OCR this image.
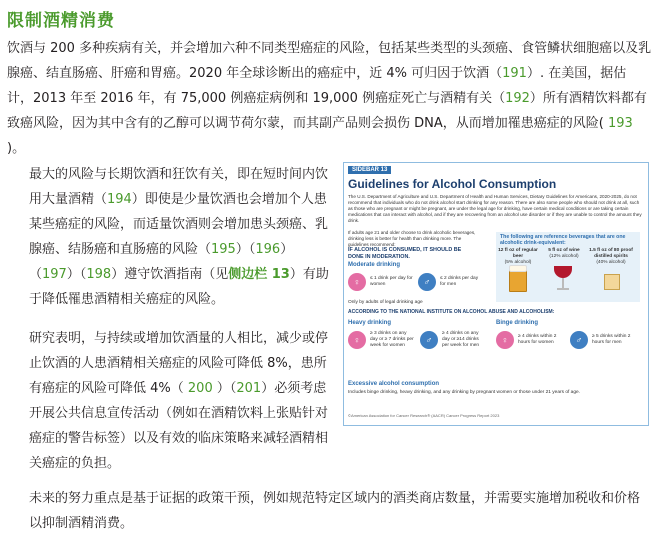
限制酒精消费

饮酒与 200 多种疾病有关，并会增加六种不同类型癌症的风险，包括某些类型的头颈癌、食管鳞状细胞癌以及乳腺癌、结直肠癌、肝癌和胃癌。2020 年全球诊断出的癌症中，近 4% 可归因于饮酒（191）. 在美国，据估计，2013 年至 2016 年，有 75,000 例癌症病例和 19,000 例癌症死亡与酒精有关（192）所有酒精饮料都有致癌风险，因为其中含有的乙醇可以调节荷尔蒙，而其副产品则会损伤 DNA，从而增加罹患癌症的风险( 193 )。

最大的风险与长期饮酒和狂饮有关，即在短时间内饮用大量酒精（194）即使是少量饮酒也会增加个人患某些癌症的风险，而适量饮酒则会增加患头颈癌、乳腺癌、结肠癌和直肠癌的风险（195）（196）（197）（198）遵守饮酒指南（见侧边栏 13）有助于降低罹患酒精相关癌症的风险。

研究表明，与持续或增加饮酒量的人相比，减少或停止饮酒的人患酒精相关癌症的风险可降低 8%，患所有癌症的风险可降低 4%（ 200 ）（201）必须考虑开展公共信息宣传活动（例如在酒精饮料上张贴针对癌症的警告标签）以及有效的临床策略来减轻酒精相关癌症的负担。

未来的努力重点是基于证据的政策干预，例如规范特定区域内的酒类商店数量，并需要实施增加税收和价格以抑制酒精消费。

SIDEBAR 13
Guidelines for Alcohol Consumption
The U.S. Department of Agriculture and U.S. Department of Health and Human Services, Dietary Guidelines for Americans, 2020-2025, do not recommend that individuals who do not drink alcohol start drinking for any reason. There are also some people who should not drink at all, such as those who are pregnant or might be pregnant, are under the legal age for drinking, have certain medical conditions or are taking certain medications that can interact with alcohol, and if they are recovering from an alcohol use disorder or if they are unable to control the amount they drink.
If adults age 21 and older choose to drink alcoholic beverages, drinking less is better for health than drinking more. The guidelines recommend:
IF ALCOHOL IS CONSUMED, IT SHOULD BE DONE IN MODERATION.
Moderate drinking
♀	≤ 1 drink per day for women	♂	≤ 2 drinks per day for men
Only by adults of legal drinking age
The following are reference beverages that are one alcoholic drink-equivalent:
12 fl oz of regular beer
(5% alcohol)
5 fl oz of wine
(12% alcohol)
1.5 fl oz of 80 proof distilled spirits
(40% alcohol)
ACCORDING TO THE NATIONAL INSTITUTE ON ALCOHOL ABUSE AND ALCOHOLISM:
Heavy drinking	Binge drinking
♀
≥ 3 drinks on any day or ≥ 7 drinks per week for women
♂
≥ 4 drinks on any day or ≥14 drinks per week for men
♀	≥ 4 drinks within 2 hours for women	♂	≥ 5 drinks within 2 hours for men
Excessive alcohol consumption
Includes binge drinking, heavy drinking, and any drinking by pregnant women or those under 21 years of age.
©American Association for Cancer Research® (AACR) Cancer Progress Report 2023
